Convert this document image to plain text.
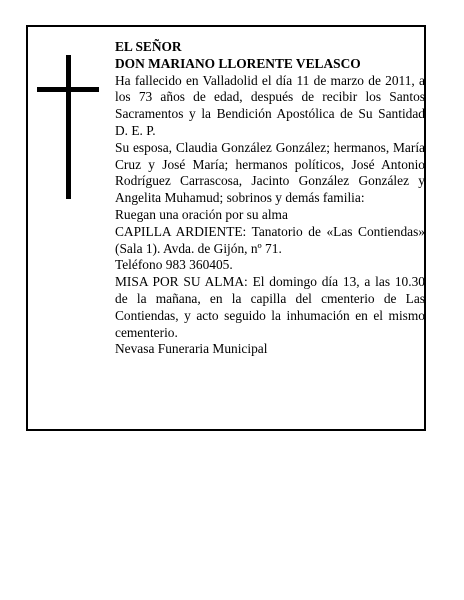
EL SEÑOR

DON MARIANO LLORENTE VELASCO

Ha fallecido en Valladolid el día 11 de marzo de 2011, a los 73 años de edad, después de recibir los Santos Sacramentos y la Bendición Apostólica de Su Santidad D. E. P.

Su esposa, Claudia González González; hermanos, María Cruz y José María; hermanos políticos, José Antonio Rodríguez Carrascosa, Jacinto González González y Angelita Muhamud; sobrinos y demás familia:

Ruegan una oración por su alma

CAPILLA ARDIENTE: Tanatorio de «Las Contiendas» (Sala 1). Avda. de Gijón, nº 71.

Teléfono 983 360405.

MISA POR SU ALMA: El domingo día 13, a las 10.30 de la mañana, en la capilla del cmenterio de Las Contiendas, y acto seguido la inhumación en el mismo cementerio.

Nevasa Funeraria Municipal
